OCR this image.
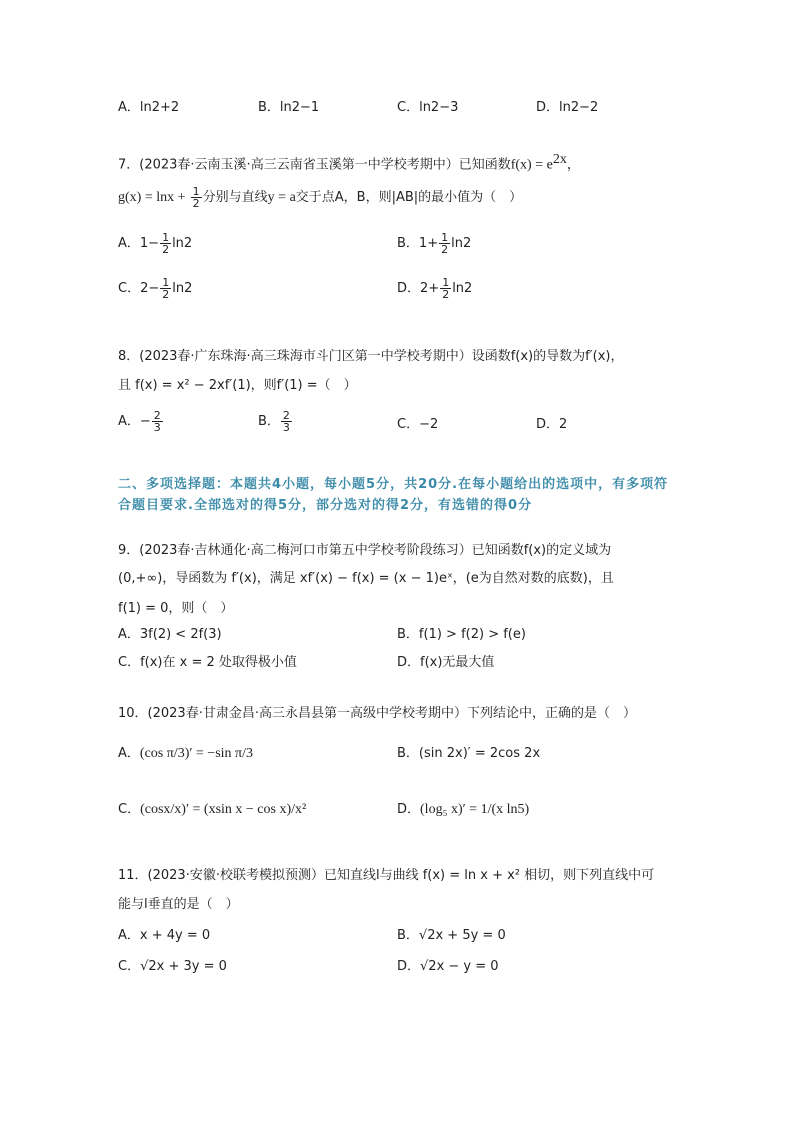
A．ln2+2	B．ln2−1	C．ln2−3	D．ln2−2
7．(2023春·云南玉溪·高三云南省玉溪第一中学校考期中）已知函数$f(x) = e^{2x}$，
$g(x) = \ln x + \frac{1}{2}$ 分别与直线y = a交于点A，B，则|AB|的最小值为（　）
A．$1- \frac{1}{2} \ln 2$	B．$1+ \frac{1}{2} \ln 2$
C．$2- \frac{1}{2} \ln 2$	D．$2+ \frac{1}{2} \ln 2$
8．(2023春·广东珠海·高三珠海市斗门区第一中学校考期中）设函数f(x)的导数为f′(x)，
且 f(x) = x² − 2xf′(1)，则f′(1) =（　）
A．− $\frac{2}{3}$	B． $\frac{2}{3}$	C．−2	D．2
二、多项选择题：本题共4小题，每小题5分，共20分.在每小题给出的选项中，有多项符合题目要求.全部选对的得5分，部分选对的得2分，有选错的得0分
9．(2023春·吉林通化·高二梅河口市第五中学校考阶段练习）已知函数f(x)的定义域为
(0,+∞)，导函数为 f′(x)，满足 xf′(x) − f(x) = (x − 1)eˣ，(e为自然对数的底数)，且
f(1) = 0，则（　）
A．3f(2) < 2f(3)	B．f(1) > f(2) > f(e)
C．f(x)在 x = 2 处取得极小值	D．f(x)无最大值
10．(2023春·甘肃金昌·高三永昌县第一高级中学校考期中）下列结论中，正确的是（　）
A．(cos π/3)′ = −sin π/3	B．(sin 2x)′ = 2cos 2x
C．(cosx/x)′ = (xsin x − cos x)/x²	D．(log₅ x)′ = 1/(x ln5)
11．(2023·安徽·校联考模拟预测）已知直线l与曲线 f(x) = ln x + x² 相切，则下列直线中可
能与l垂直的是（　）
A．x + 4y = 0	B．√2x + 5y = 0
C．√2x + 3y = 0	D．√2x − y = 0
